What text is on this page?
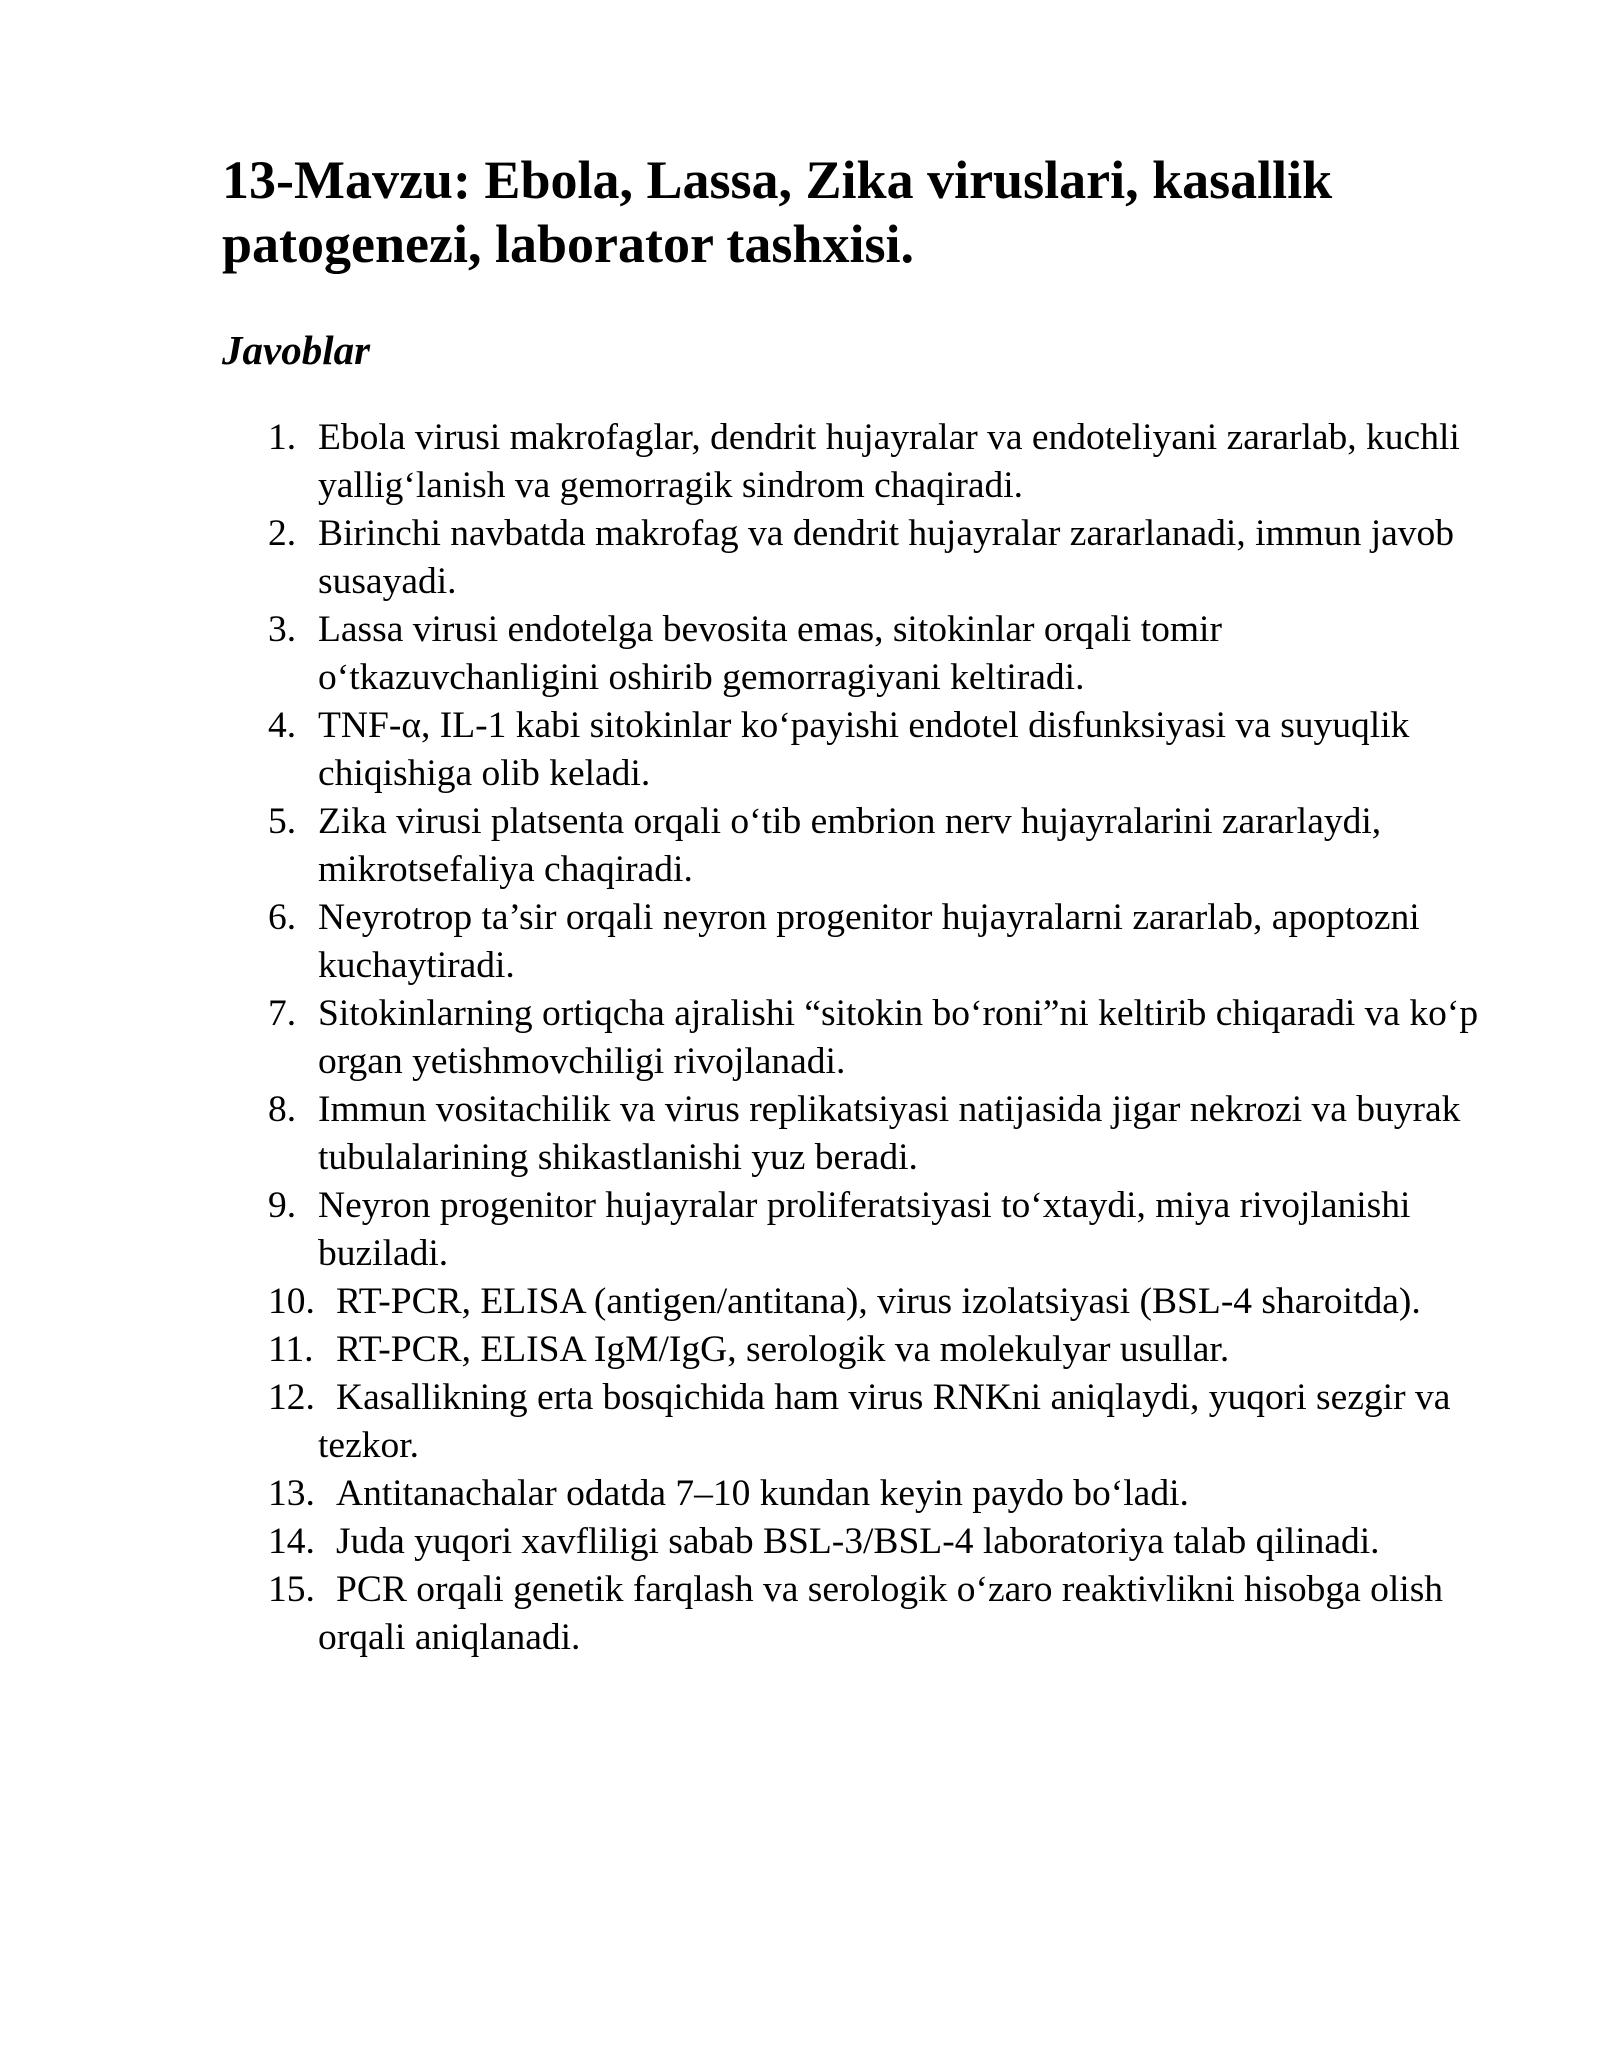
13-Mavzu: Ebola, Lassa, Zika viruslari, kasallik patogenezi, laborator tashxisi.
Javoblar
1. Ebola virusi makrofaglar, dendrit hujayralar va endoteliyani zararlab, kuchli yallig‘lanish va gemorragik sindrom chaqiradi.
2. Birinchi navbatda makrofag va dendrit hujayralar zararlanadi, immun javob susayadi.
3. Lassa virusi endotelga bevosita emas, sitokinlar orqali tomir o‘tkazuvchanligini oshirib gemorragiyani keltiradi.
4. TNF-α, IL-1 kabi sitokinlar ko‘payishi endotel disfunksiyasi va suyuqlik chiqishiga olib keladi.
5. Zika virusi platsenta orqali o‘tib embrion nerv hujayralarini zararlaydi, mikrotsefaliya chaqiradi.
6. Neyrotrop ta’sir orqali neyron progenitor hujayralarni zararlab, apoptozni kuchaytiradi.
7. Sitokinlarning ortiqcha ajralishi “sitokin bo‘roni”ni keltirib chiqaradi va ko‘p organ yetishmovchiligi rivojlanadi.
8. Immun vositachilik va virus replikatsiyasi natijasida jigar nekrozi va buyrak tubulalarining shikastlanishi yuz beradi.
9. Neyron progenitor hujayralar proliferatsiyasi to‘xtaydi, miya rivojlanishi buziladi.
10. RT-PCR, ELISA (antigen/antitana), virus izolatsiyasi (BSL-4 sharoitda).
11. RT-PCR, ELISA IgM/IgG, serologik va molekulyar usullar.
12. Kasallikning erta bosqichida ham virus RNKni aniqlaydi, yuqori sezgir va tezkor.
13. Antitanachalar odatda 7–10 kundan keyin paydo bo‘ladi.
14. Juda yuqori xavfliligi sabab BSL-3/BSL-4 laboratoriya talab qilinadi.
15. PCR orqali genetik farqlash va serologik o‘zaro reaktivlikni hisobga olish orqali aniqlanadi.
